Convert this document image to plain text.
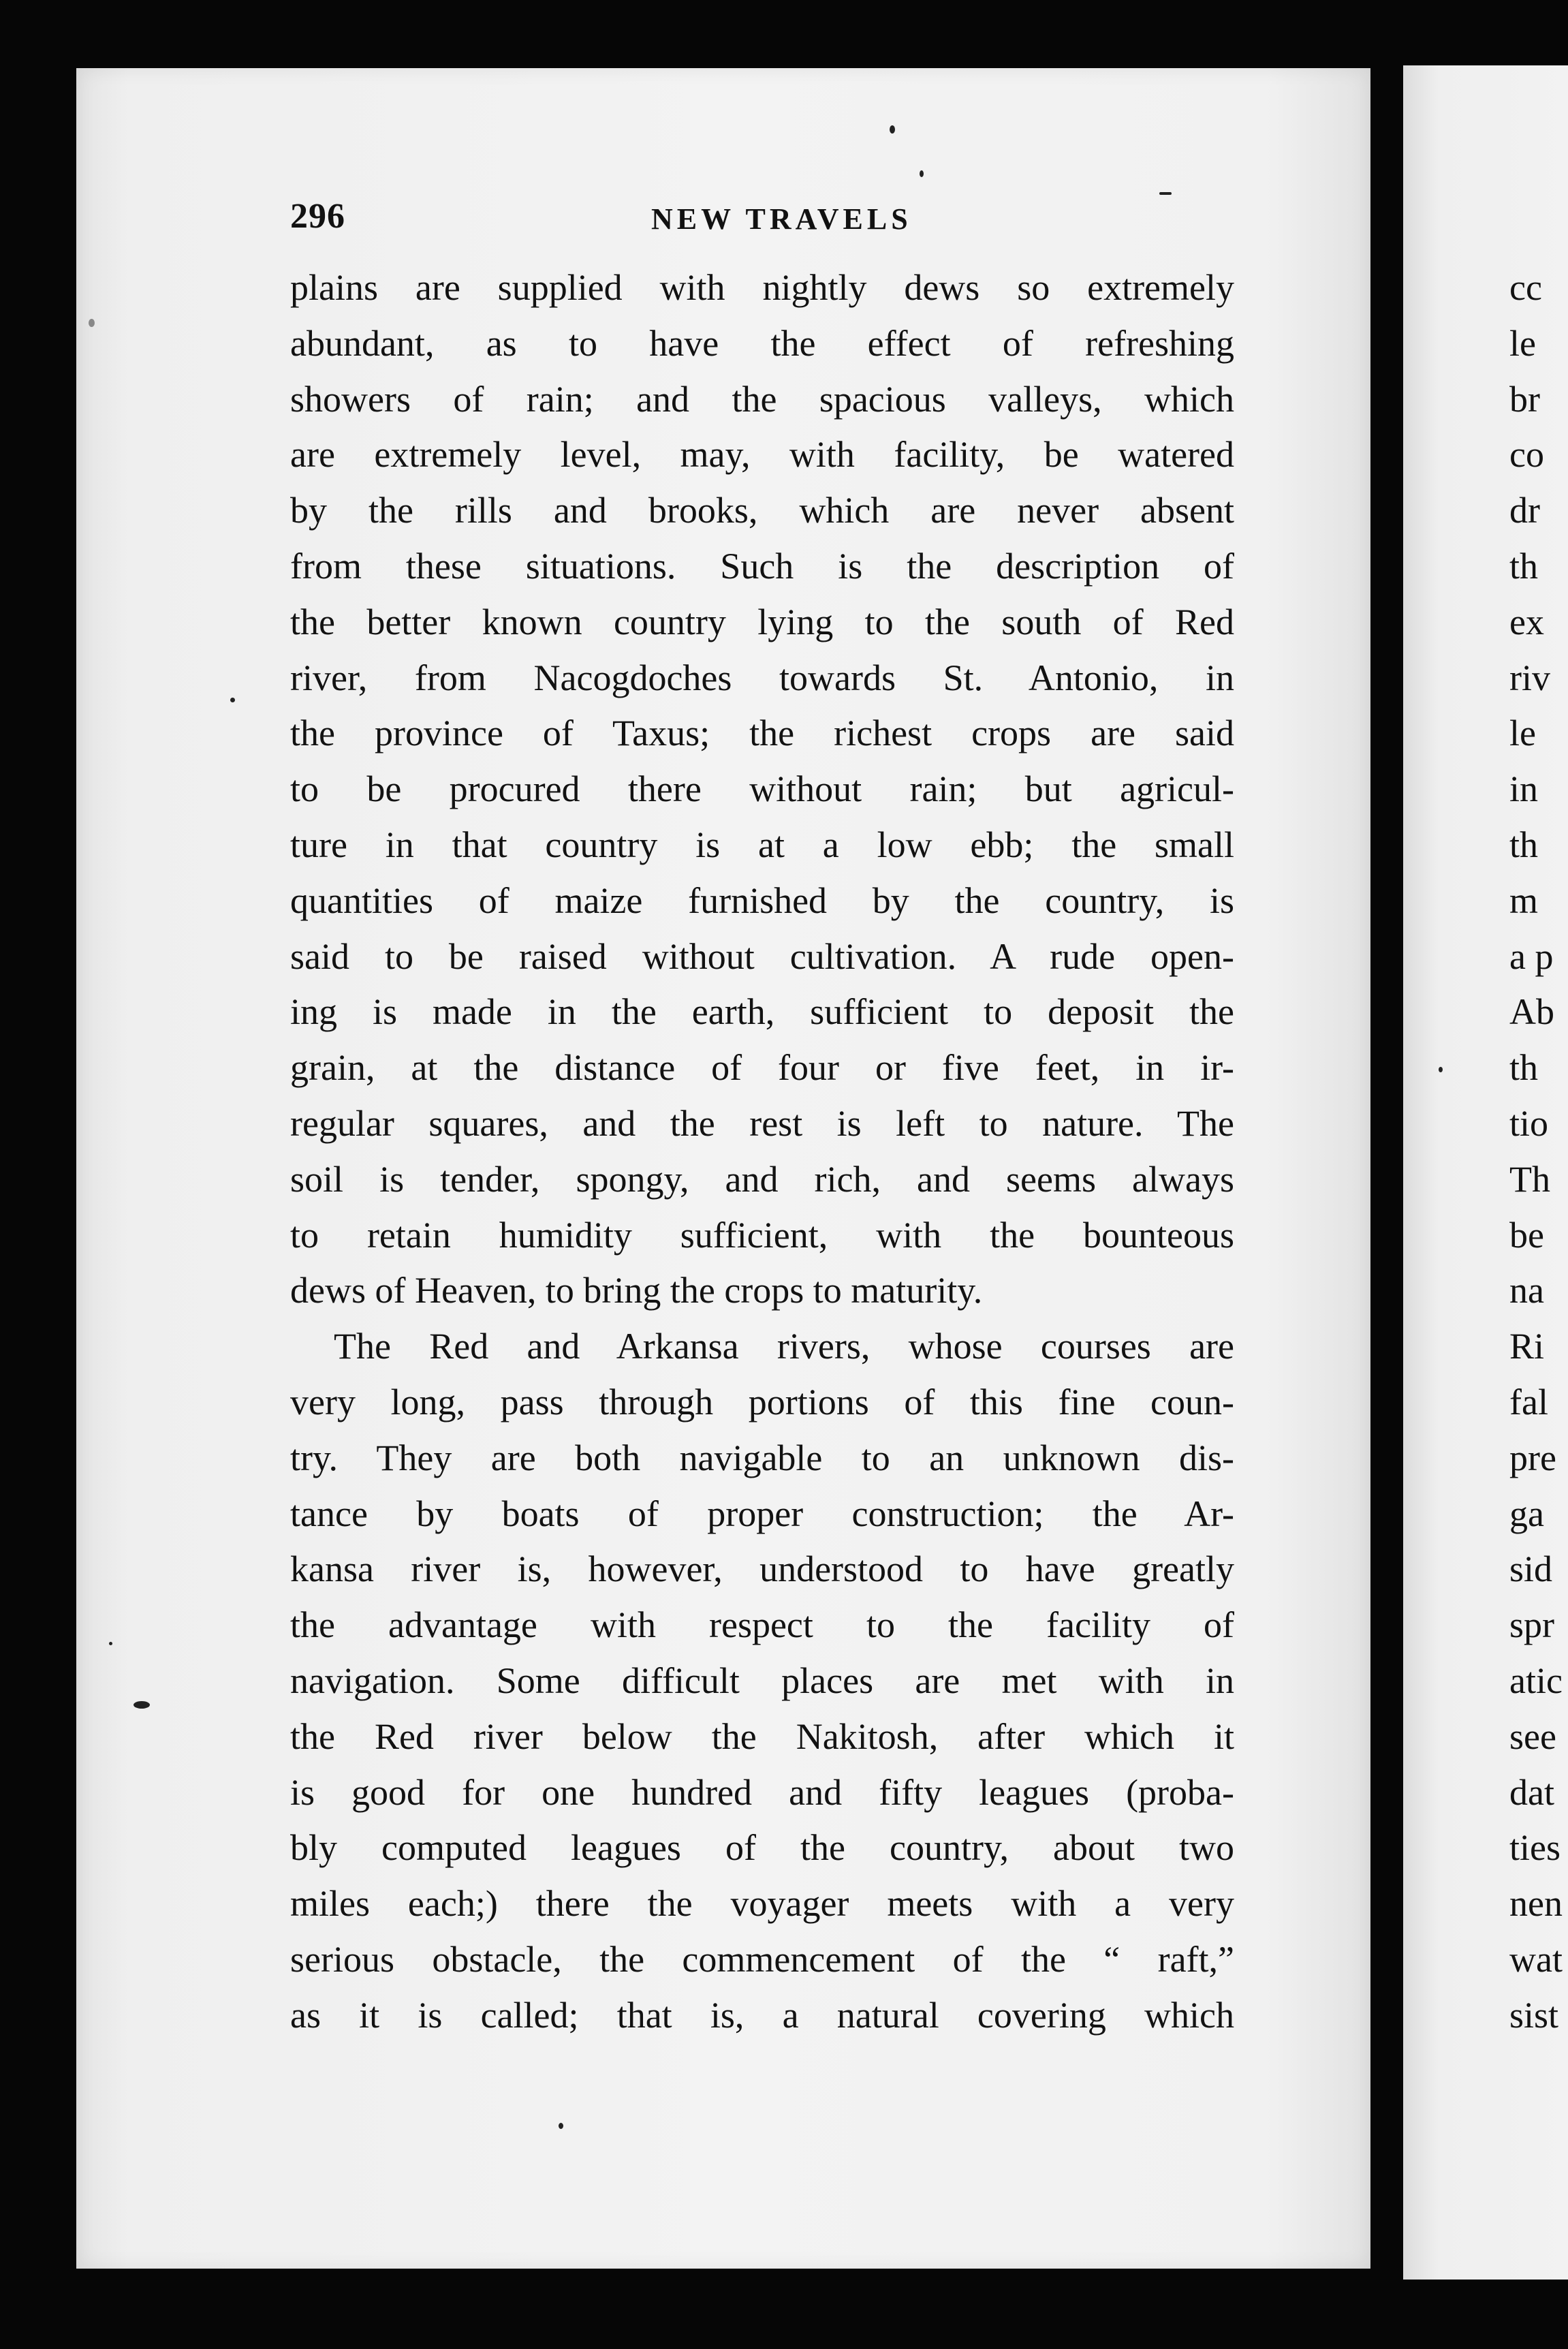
296	NEW TRAVELS
plains are supplied with nightly dews so extremely
abundant, as to have the effect of refreshing
showers of rain; and the spacious valleys, which
are extremely level, may, with facility, be watered
by the rills and brooks, which are never absent
from these situations. Such is the description of
the better known country lying to the south of Red
river, from Nacogdoches towards St. Antonio, in
the province of Taxus; the richest crops are said
to be procured there without rain; but agricul-
ture in that country is at a low ebb; the small
quantities of maize furnished by the country, is
said to be raised without cultivation. A rude open-
ing is made in the earth, sufficient to deposit the
grain, at the distance of four or five feet, in ir-
regular squares, and the rest is left to nature. The
soil is tender, spongy, and rich, and seems always
to retain humidity sufficient, with the bounteous
dews of Heaven, to bring the crops to maturity.
The Red and Arkansa rivers, whose courses are
very long, pass through portions of this fine coun-
try. They are both navigable to an unknown dis-
tance by boats of proper construction; the Ar-
kansa river is, however, understood to have greatly
the advantage with respect to the facility of
navigation. Some difficult places are met with in
the Red river below the Nakitosh, after which it
is good for one hundred and fifty leagues (proba-
bly computed leagues of the country, about two
miles each;) there the voyager meets with a very
serious obstacle, the commencement of the “ raft,”
as it is called; that is, a natural covering which
cc
le
br
co
dr
th
ex
riv
le
in
th
m
a p
Ab
th
tio
Th
be
na
Ri
fal
pre
ga
sid
spr
atic
see
dat
ties
nen
wat
sist
